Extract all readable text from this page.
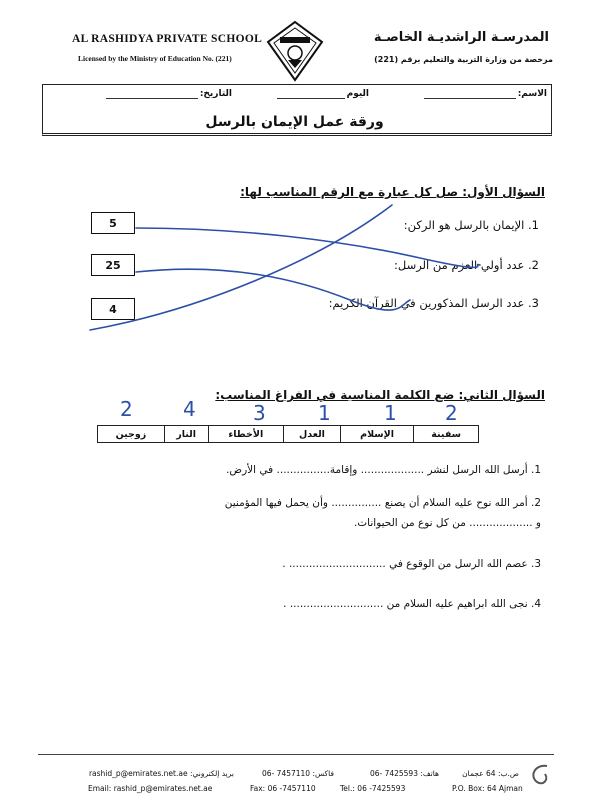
AL RASHIDYA PRIVATE SCHOOL
Licensed by the Ministry of Education No. (221)
المدرسـة الراشديـة الخاصـة
مرخصة من وزارة التربية والتعليم برقم (221)
الاسم:
اليوم
التاريخ:
ورقة عمل الإيمان بالرسل
السؤال الأول: صل كل عبارة مع الرقم المناسب لها:
1. الإيمان بالرسل هو الركن:
2. عدد أولي العزم من الرسل:
3. عدد الرسل المذكورين في القرآن الكريم:
5
25
4
2	4	3	1	1 2
السؤال الثاني: ضع الكلمة المناسبة في الفراغ المناسب:
سفينة	الإسلام	العدل	الأخطاء	النار	زوجين
1. أرسل الله الرسل لنشر ................... وإقامة................ في الأرض.
2. أمر الله نوح عليه السلام أن يصنع ............... وأن يحمل فيها المؤمنين
و ................... من كل نوع من الحيوانات.
3. عصم الله الرسل من الوقوع في ............................. .
4. نجى الله ابراهيم عليه السلام من ............................ .
ص.ب: 64 عجمان
هاتف: 7425593 -06
فاكس: 7457110 -06
بريد إلكتروني: rashid_p@emirates.net.ae
P.O. Box: 64 Ajman
Tel.: 06 -7425593
Fax: 06 -7457110
Email: rashid_p@emirates.net.ae
